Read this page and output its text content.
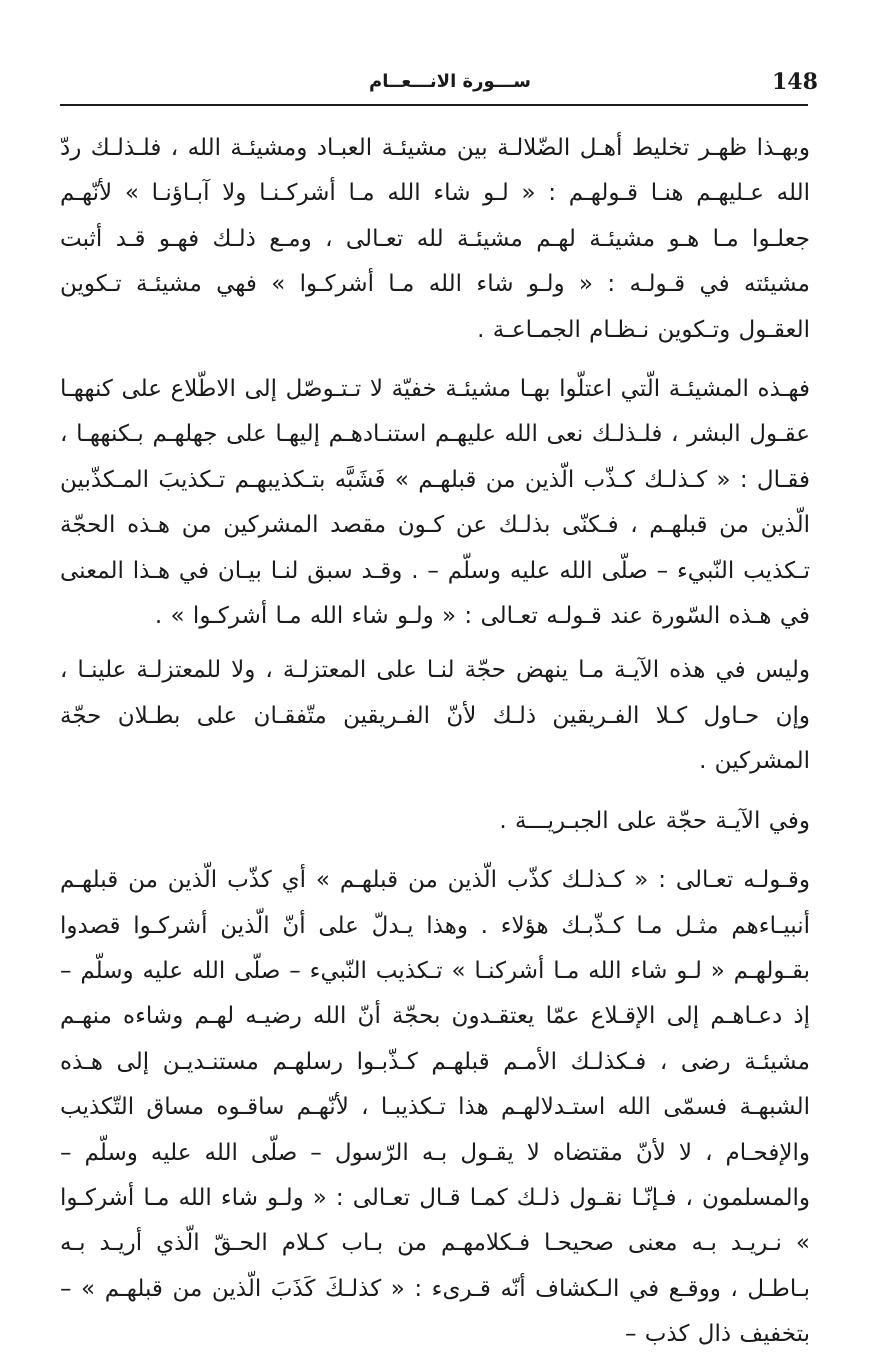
148
ســـورة الانـــعــام

وبهـذا ظهـر تخليط أهـل الضّلالـة بين مشيئـة العبـاد ومشيئـة الله ، فلـذلـك ردّ الله عـليهـم هنـا قـولهـم : « لـو شاء الله مـا أشركـنـا ولا آبـاؤنـا » لأنّهـم جعلـوا مـا هـو مشيئـة لهـم مشيئـة لله تعـالى ، ومـع ذلـك فهـو قـد أثبت مشيئته في قـولـه : « ولـو شاء الله مـا أشركـوا » فهي مشيئـة تـكوين العقـول وتـكوين نـظـام الجمـاعـة .

فهـذه المشيئـة الّتي اعتلّوا بهـا مشيئـة خفيّة لا تـتـوصّل إلى الاطّلاع على كنههـا عقـول البشر ، فلـذلـك نعى الله عليهـم استنـادهـم إليهـا على جهلهـم بـكنههـا ، فقـال : « كـذلـك كـذّب الّذين من قبلهـم » فَشَبَّه بتـكذيبهـم تـكذيبَ المـكذّبين الّذين من قبلهـم ، فـكنّى بذلـك عن كـون مقصد المشركين من هـذه الحجّة تـكذيب النّبيء – صلّى الله عليه وسلّم – . وقـد سبق لنـا بيـان في هـذا المعنى في هـذه السّورة عند قـولـه تعـالى : « ولـو شاء الله مـا أشركـوا » .

وليس في هذه الآيـة مـا ينهض حجّة لنـا على المعتزلـة ، ولا للمعتزلـة علينـا ، وإن حـاول كـلا الفـريقين ذلـك لأنّ الفـريقين متّفقـان على بطـلان حجّة المشركين .

وفي الآيـة حجّة على الجبـريـــة .

وقـولـه تعـالى : « كـذلـك كذّب الّذين من قبلهـم » أي كذّب الّذين من قبلهـم أنبيـاءهم مثـل مـا كـذّبـك هؤلاء . وهذا يـدلّ على أنّ الّذين أشركـوا قصدوا بقـولهـم « لـو شاء الله مـا أشركنـا » تـكذيب النّبيء – صلّى الله عليه وسلّم – إذ دعـاهـم إلى الإقـلاع عمّا يعتقـدون بحجّة أنّ الله رضيـه لهـم وشاءه منهـم مشيئـة رضى ، فـكذلـك الأمـم قبلهـم كـذّبـوا رسلهـم مستنـديـن إلى هـذه الشبهـة فسمّى الله استـدلالهـم هذا تـكذيبـا ، لأنّهـم ساقـوه مساق التّكذيب والإفحـام ، لا لأنّ مقتضاه لا يقـول بـه الرّسول – صلّى الله عليه وسلّم – والمسلمون ، فـإنّـا نقـول ذلـك كمـا قـال تعـالى : « ولـو شاء الله مـا أشركـوا » نـريـد بـه معنى صحيحـا فـكلامهـم من بـاب كـلام الحـقّ الّذي أريـد بـه بـاطـل ، ووقـع في الـكشاف أنّه قـرىء : « كذلـكَ كَذَبَ الّذين من قبلهـم » – بتخفيف ذال كذب –
